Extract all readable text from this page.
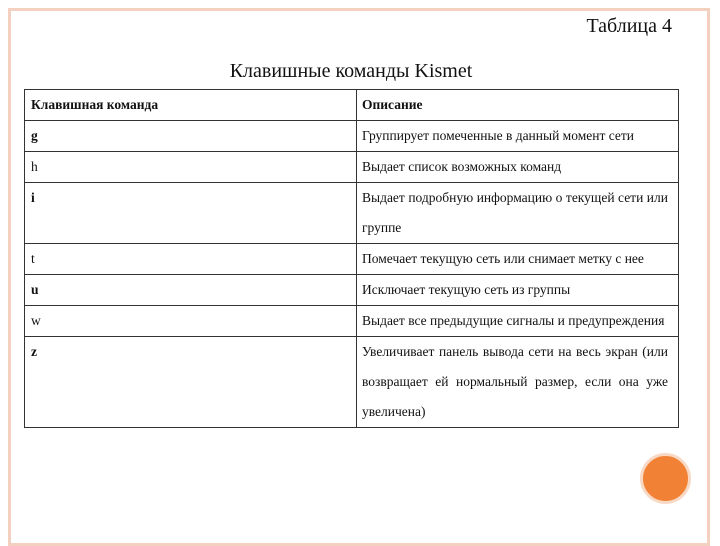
Таблица 4
Клавишные команды Kismet
Клавишная команда	Описание
g	Группирует помеченные в данный момент сети
h	Выдает список возможных команд
i	Выдает подробную информацию о текущей сети или группе
t	Помечает текущую сеть или снимает метку с нее
u	Исключает текущую сеть из группы
w	Выдает все предыдущие сигналы и предупреждения
z	Увеличивает панель вывода сети на весь экран (или возвращает ей нормальный размер, если она уже увеличена)
